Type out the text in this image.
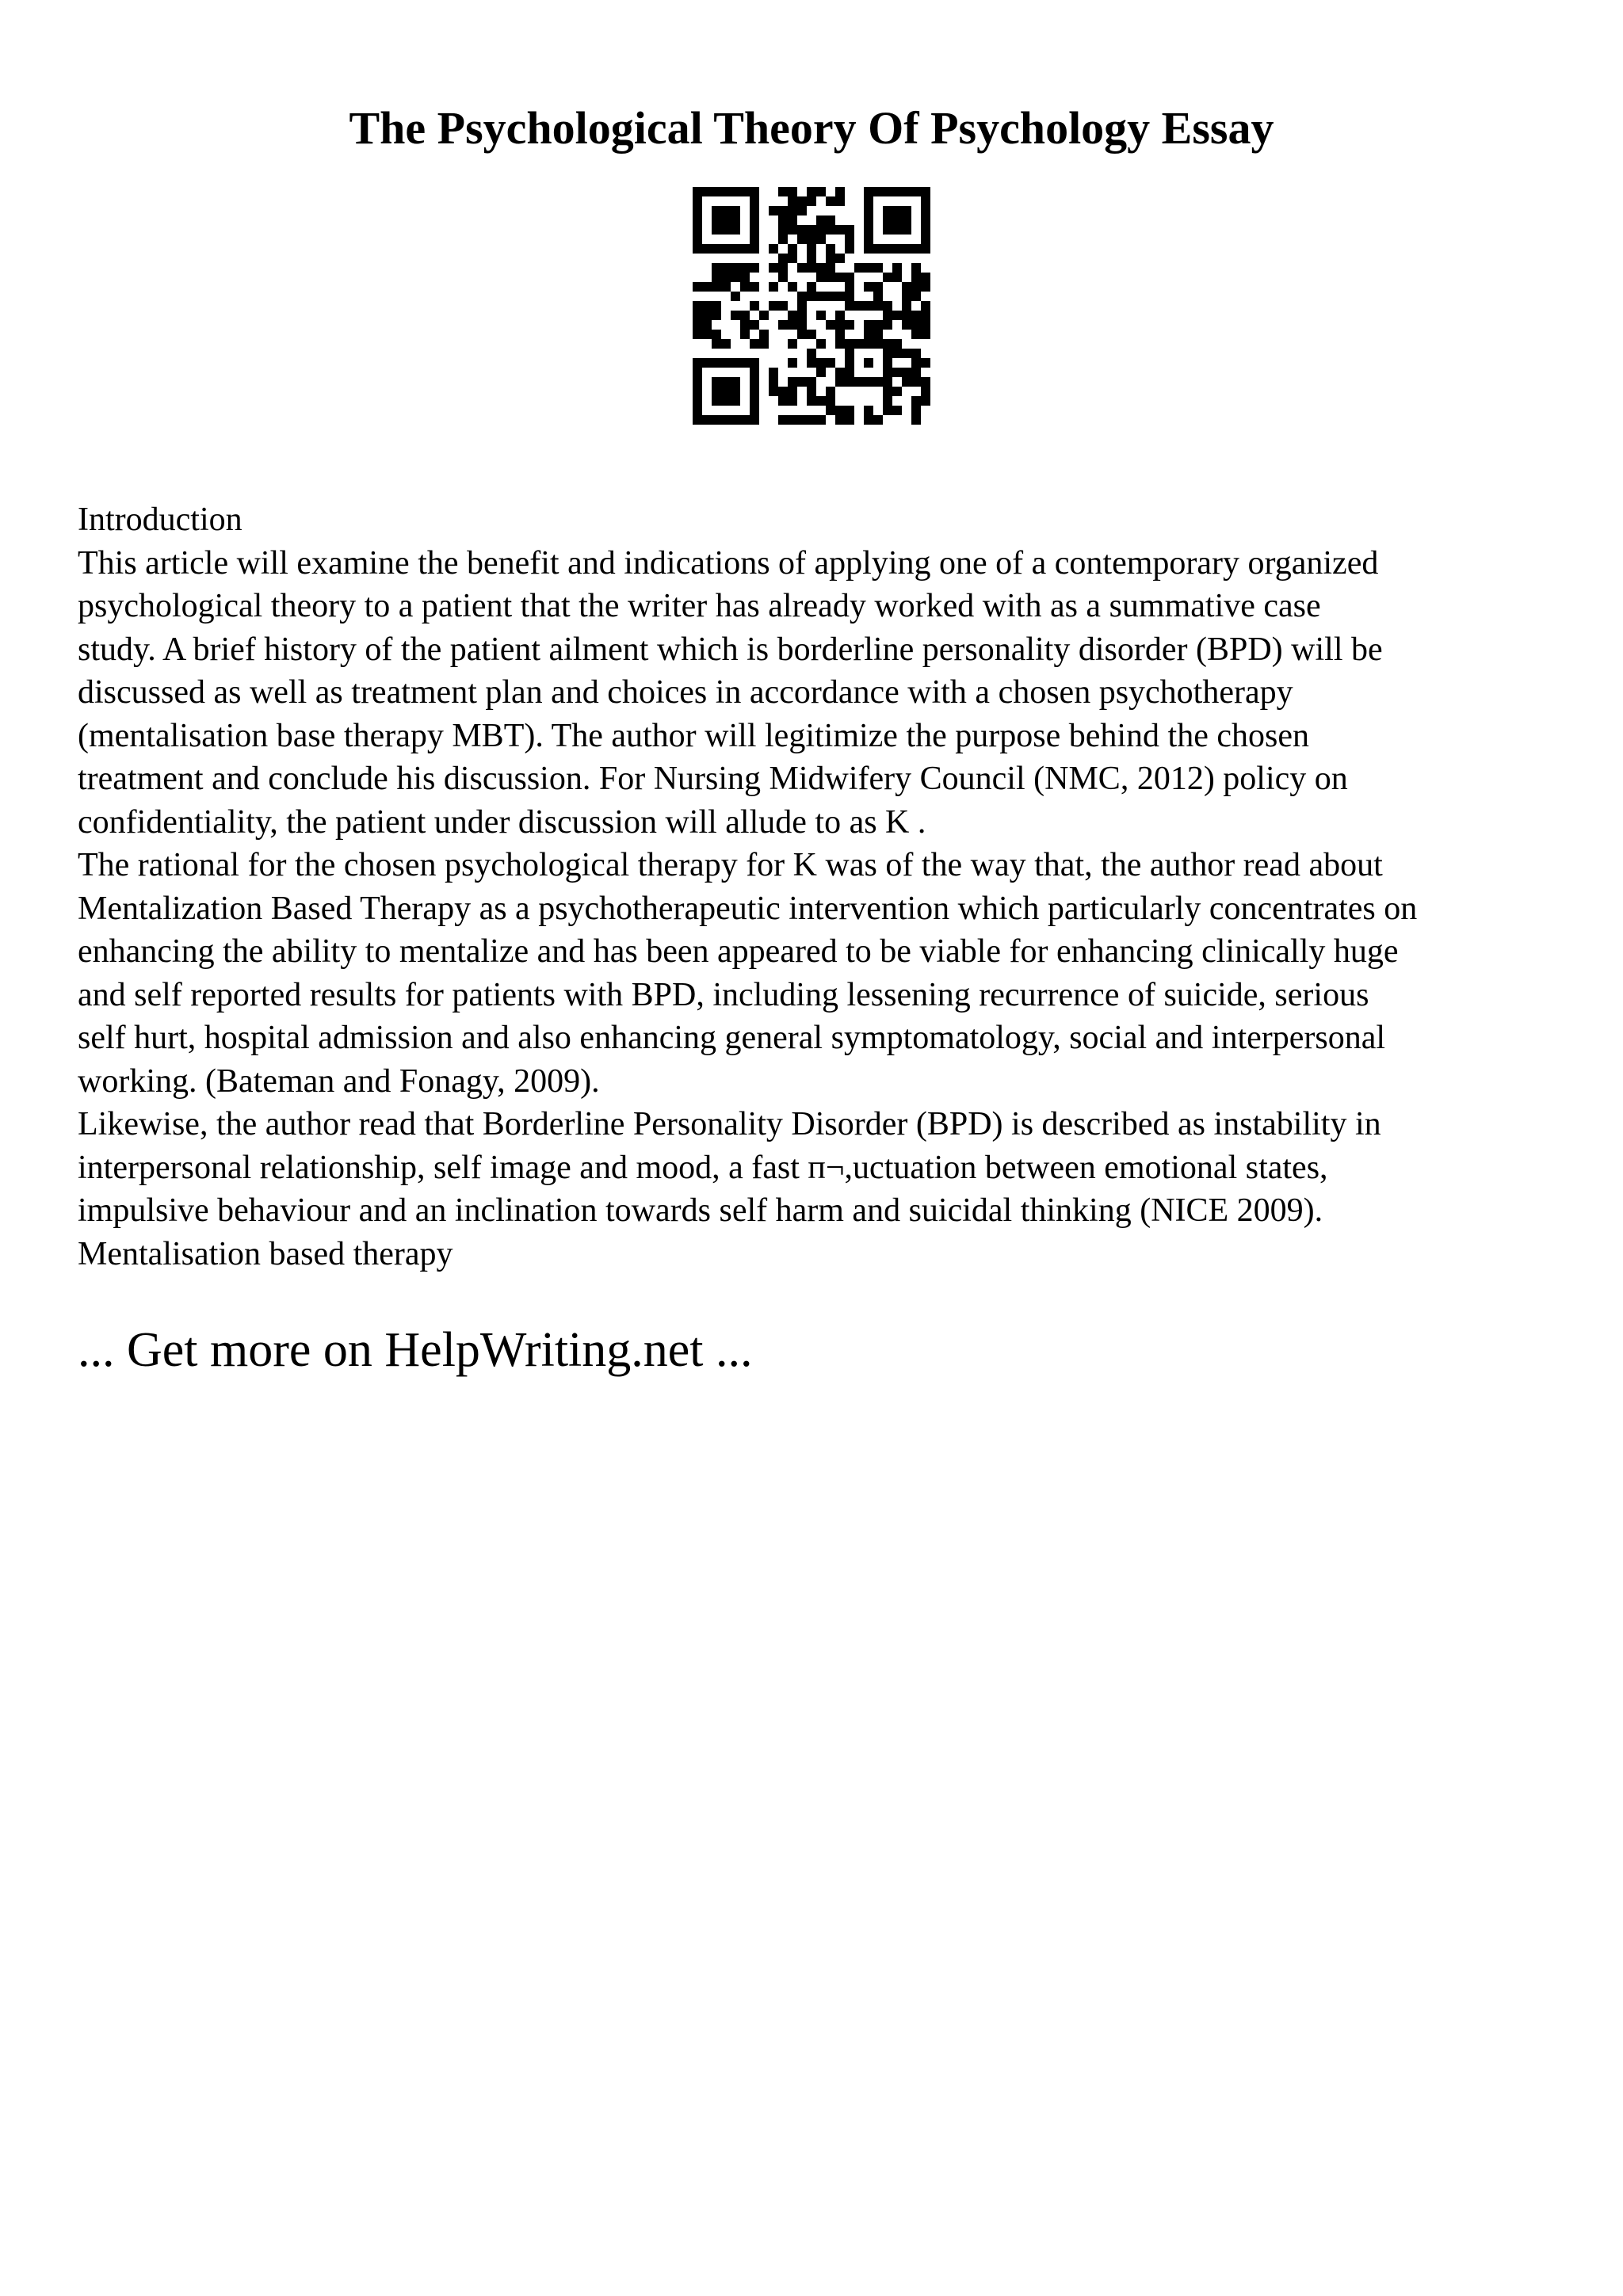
The Psychological Theory Of Psychology Essay
Introduction
This article will examine the benefit and indications of applying one of a contemporary organized
psychological theory to a patient that the writer has already worked with as a summative case
study. A brief history of the patient ailment which is borderline personality disorder (BPD) will be
discussed as well as treatment plan and choices in accordance with a chosen psychotherapy
(mentalisation base therapy MBT). The author will legitimize the purpose behind the chosen
treatment and conclude his discussion. For Nursing Midwifery Council (NMC, 2012) policy on
confidentiality, the patient under discussion will allude to as K .
The rational for the chosen psychological therapy for K was of the way that, the author read about
Mentalization Based Therapy as a psychotherapeutic intervention which particularly concentrates on
enhancing the ability to mentalize and has been appeared to be viable for enhancing clinically huge
and self reported results for patients with BPD, including lessening recurrence of suicide, serious
self hurt, hospital admission and also enhancing general symptomatology, social and interpersonal
working. (Bateman and Fonagy, 2009).
Likewise, the author read that Borderline Personality Disorder (BPD) is described as instability in
interpersonal relationship, self image and mood, a fast п¬,uctuation between emotional states,
impulsive behaviour and an inclination towards self harm and suicidal thinking (NICE 2009).
Mentalisation based therapy
... Get more on HelpWriting.net ...
